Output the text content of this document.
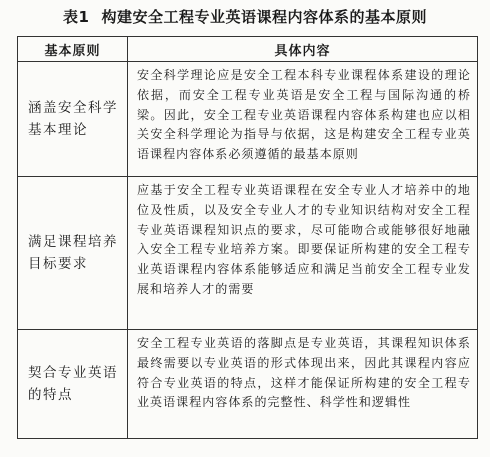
表1 构建安全工程专业英语课程内容体系的基本原则
基本原则	具体内容
涵盖安全科学基本理论	安全科学理论应是安全工程本科专业课程体系建设的理论依据，而安全工程专业英语是安全工程与国际沟通的桥梁。因此，安全工程专业英语课程内容体系构建也应以相关安全科学理论为指导与依据，这是构建安全工程专业英语课程内容体系必须遵循的最基本原则
满足课程培养目标要求	应基于安全工程专业英语课程在安全专业人才培养中的地位及性质，以及安全专业人才的专业知识结构对安全工程专业英语课程知识点的要求，尽可能吻合或能够很好地融入安全工程专业培养方案。即要保证所构建的安全工程专业英语课程内容体系能够适应和满足当前安全工程专业发展和培养人才的需要
契合专业英语的特点	安全工程专业英语的落脚点是专业英语，其课程知识体系最终需要以专业英语的形式体现出来，因此其课程内容应符合专业英语的特点，这样才能保证所构建的安全工程专业英语课程内容体系的完整性、科学性和逻辑性
